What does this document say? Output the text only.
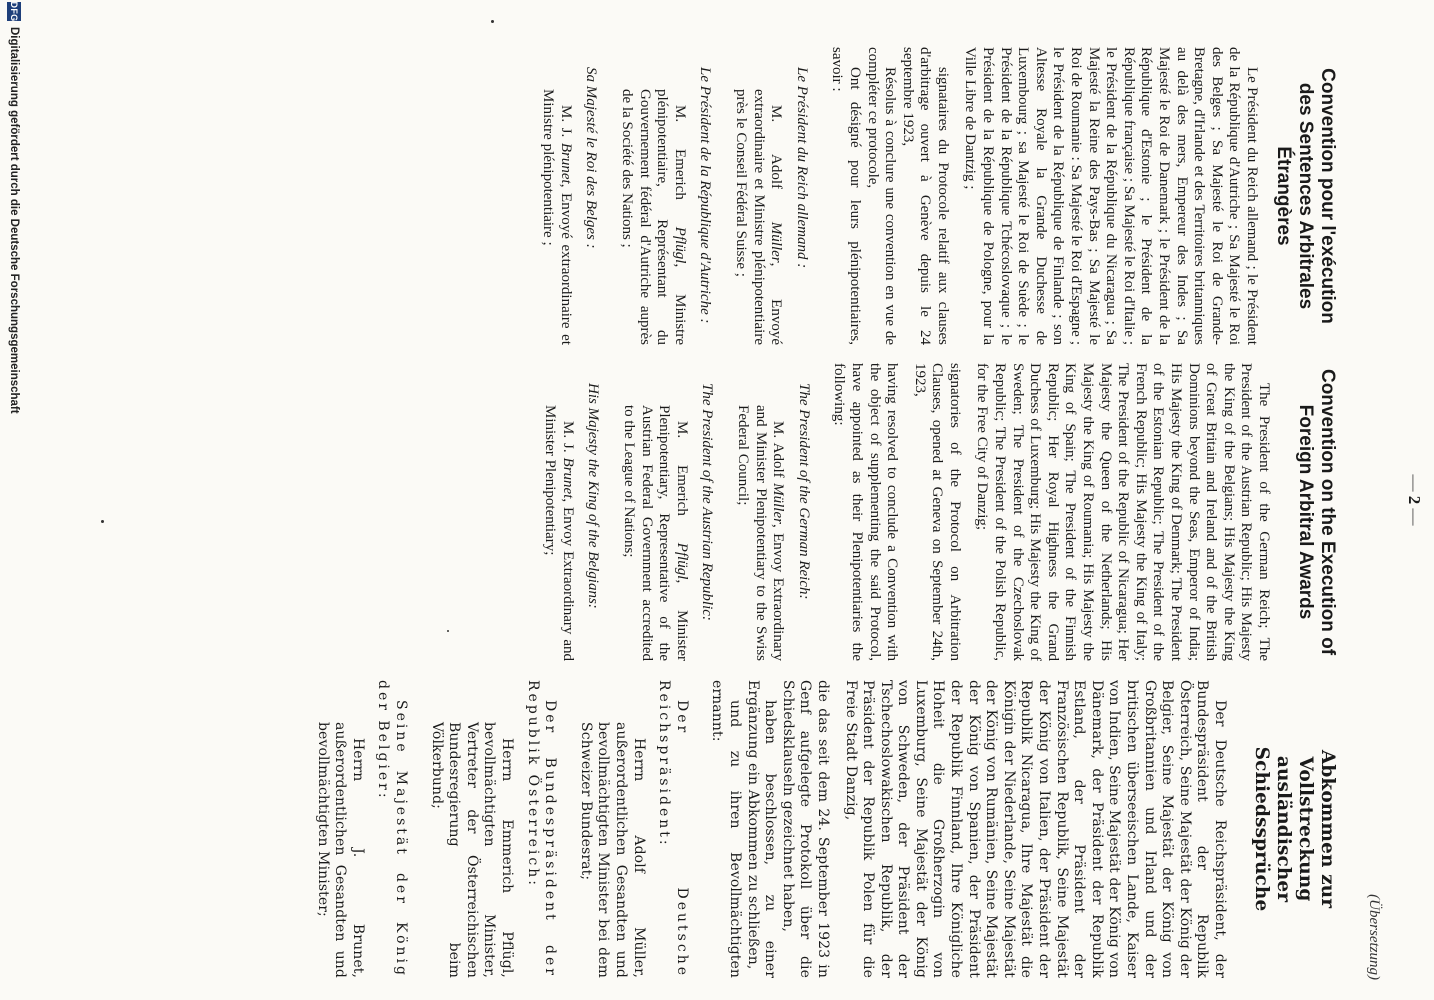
— 2 —
(Übersetzung)
Convention pour l'exécution
des Sentences Arbitrales
Étrangères

Le Président du Reich allemand ; le Président de la République d'Autriche ; Sa Majesté le Roi des Belges ; Sa Majesté le Roi de Grande-Bretagne, d'Irlande et des Territoires britanniques au delà des mers, Empereur des Indes ; Sa Majesté le Roi de Danemark ; le Président de la République d'Estonie ; le Président de la République française ; Sa Majesté le Roi d'Italie ; le Président de la République du Nicaragua ; Sa Majesté la Reine des Pays-Bas ; Sa Majesté le Roi de Roumanie : Sa Majesté le Roi d'Espagne ; le Président de la République de Finlande ; son Altesse Royale la Grande Duchesse de Luxembourg ; sa Majesté le Roi de Suède ; le Président de la République Tchécoslovaque ; le Président de la République de Pologne, pour la Ville Libre de Dantzig ;

signataires du Protocole relatif aux clauses d'arbitrage ouvert à Genève depuis le 24 septembre 1923,

Résolus à conclure une convention en vue de compléter ce protocole,

Ont désigné pour leurs plénipotentiaires, savoir :

Le Président du Reich allemand :
M. Adolf Müller, Envoyé extraordinaire et Ministre plénipotentiaire près le Conseil Fédéral Suisse ;
Le Président de la République d'Autriche :
M. Emerich Pflügl, Ministre plénipotentiaire, Représentant du Gouvernement fédéral d'Autriche auprès de la Société des Nations ;
Sa Majesté le Roi des Belges :
M. J. Brunet, Envoyé extraordinaire et Ministre plénipotentiaire ;
Convention on the Execution of
Foreign Arbitral Awards

The President of the German Reich; The President of the Austrian Republic; His Majesty the King of the Belgians; His Majesty the King of Great Britain and Ireland and of the British Dominions beyond the Seas, Emperor of India; His Majesty the King of Denmark; The President of the Estonian Republic; The President of the French Republic; His Majesty the King of Italy; The President of the Republic of Nicaragua; Her Majesty the Queen of the Netherlands; His Majesty the King of Roumania; His Majesty the King of Spain; The President of the Finnish Republic; Her Royal Highness the Grand Duchess of Luxemburg; His Majesty the King of Sweden; The President of the Czechoslovak Republic; The President of the Polish Republic, for the Free City of Danzig;

signatories of the Protocol on Arbitration Clauses, opened at Geneva on September 24th, 1923,

having resolved to conclude a Convention with the object of supplementing the said Protocol, have appointed as their Plenipotentiaries the following:

The President of the German Reich:
M. Adolf Müller, Envoy Extraordinary and Minister Plenipotentiary to the Swiss Federal Council;
The President of the Austrian Republic:
M. Emerich Pflügl, Minister Plenipotentiary, Representative of the Austrian Federal Government accredited to the League of Nations;
His Majesty the King of the Belgians:
M. J. Brunet, Envoy Extraordinary and Minister Plenipotentiary;
Abkommen zur Vollstreckung
ausländischer Schiedssprüche

Der Deutsche Reichspräsident, der Bundespräsident der Republik Österreich, Seine Majestät der König der Belgier, Seine Majestät der König von Großbritannien und Irland und der britischen überseeischen Lande, Kaiser von Indien, Seine Majestät der König von Dänemark, der Präsident der Republik Estland, der Präsident der Französischen Republik, Seine Majestät der König von Italien, der Präsident der Republik Nicaragua, Ihre Majestät die Königin der Niederlande, Seine Majestät der König von Rumänien, Seine Majestät der König von Spanien, der Präsident der Republik Finnland, Ihre Königliche Hoheit die Großherzogin von Luxemburg, Seine Majestät der König von Schweden, der Präsident der Tschechoslowakischen Republik, der Präsident der Republik Polen für die Freie Stadt Danzig,

die das seit dem 24. September 1923 in Genf aufgelegte Protokoll über die Schiedsklauseln gezeichnet haben,

haben beschlossen, zu einer Ergänzung ein Abkommen zu schließen,

und zu ihren Bevollmächtigten ernannt:

Der Deutsche Reichspräsident:
Herrn Adolf Müller, außerordentlichen Gesandten und bevollmächtigten Minister bei dem Schweizer Bundesrat;
Der Bundespräsident der Republik Österreich:
Herrn Emmerich Pflügl, bevollmächtigten Minister, Vertreter der Österreichischen Bundesregierung beim Völkerbund;
Seine Majestät der König der Belgier:
Herrn J. Brunet, außerordentlichen Gesandten und bevollmächtigten Minister;
DFG
Digitalisierung gefördert durch die Deutsche Forschungsgemeinschaft
